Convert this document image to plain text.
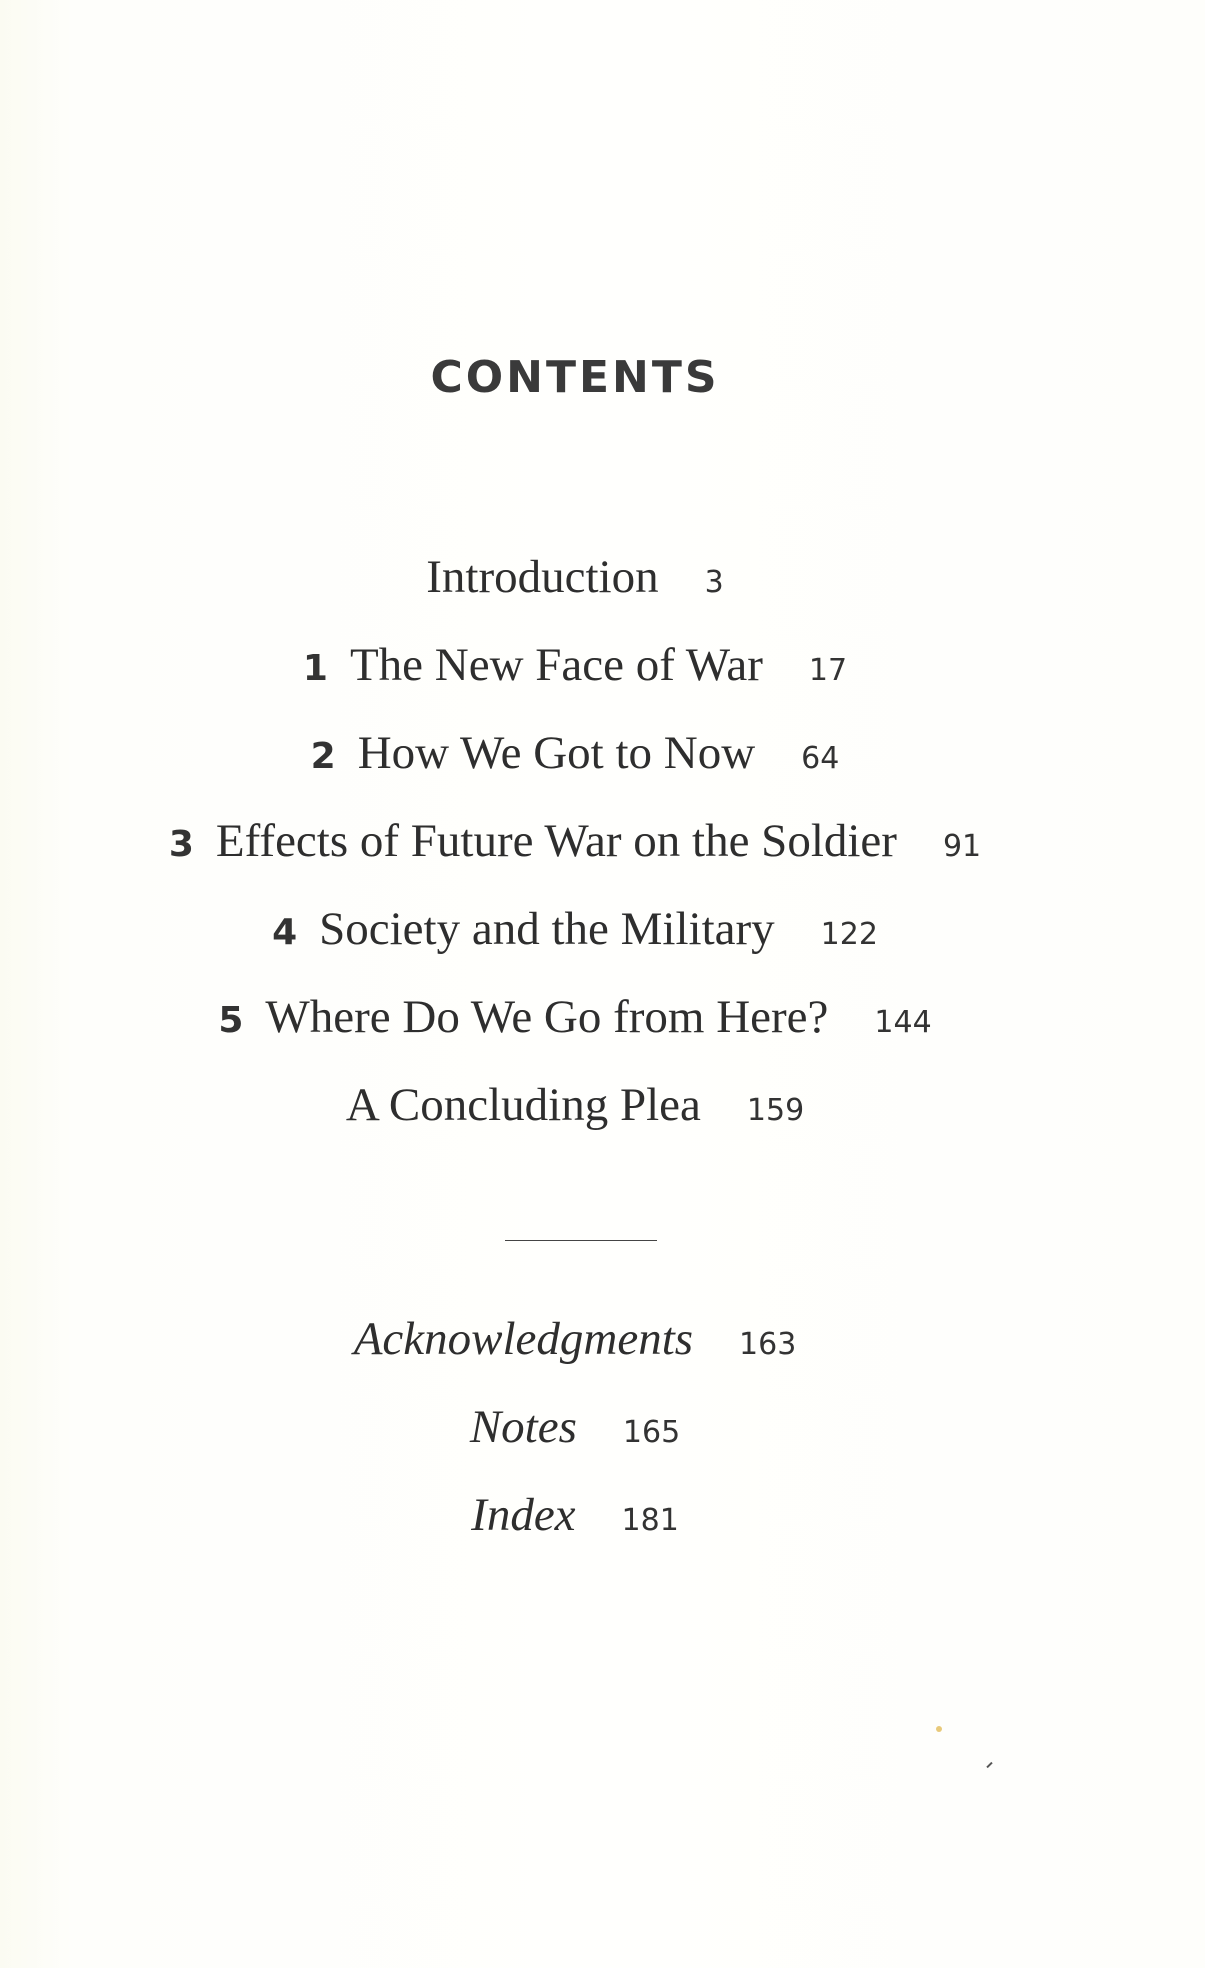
CONTENTS
Introduction 3
1 The New Face of War 17
2 How We Got to Now 64
3 Effects of Future War on the Soldier 91
4 Society and the Military 122
5 Where Do We Go from Here? 144
A Concluding Plea 159
Acknowledgments 163
Notes 165
Index 181
